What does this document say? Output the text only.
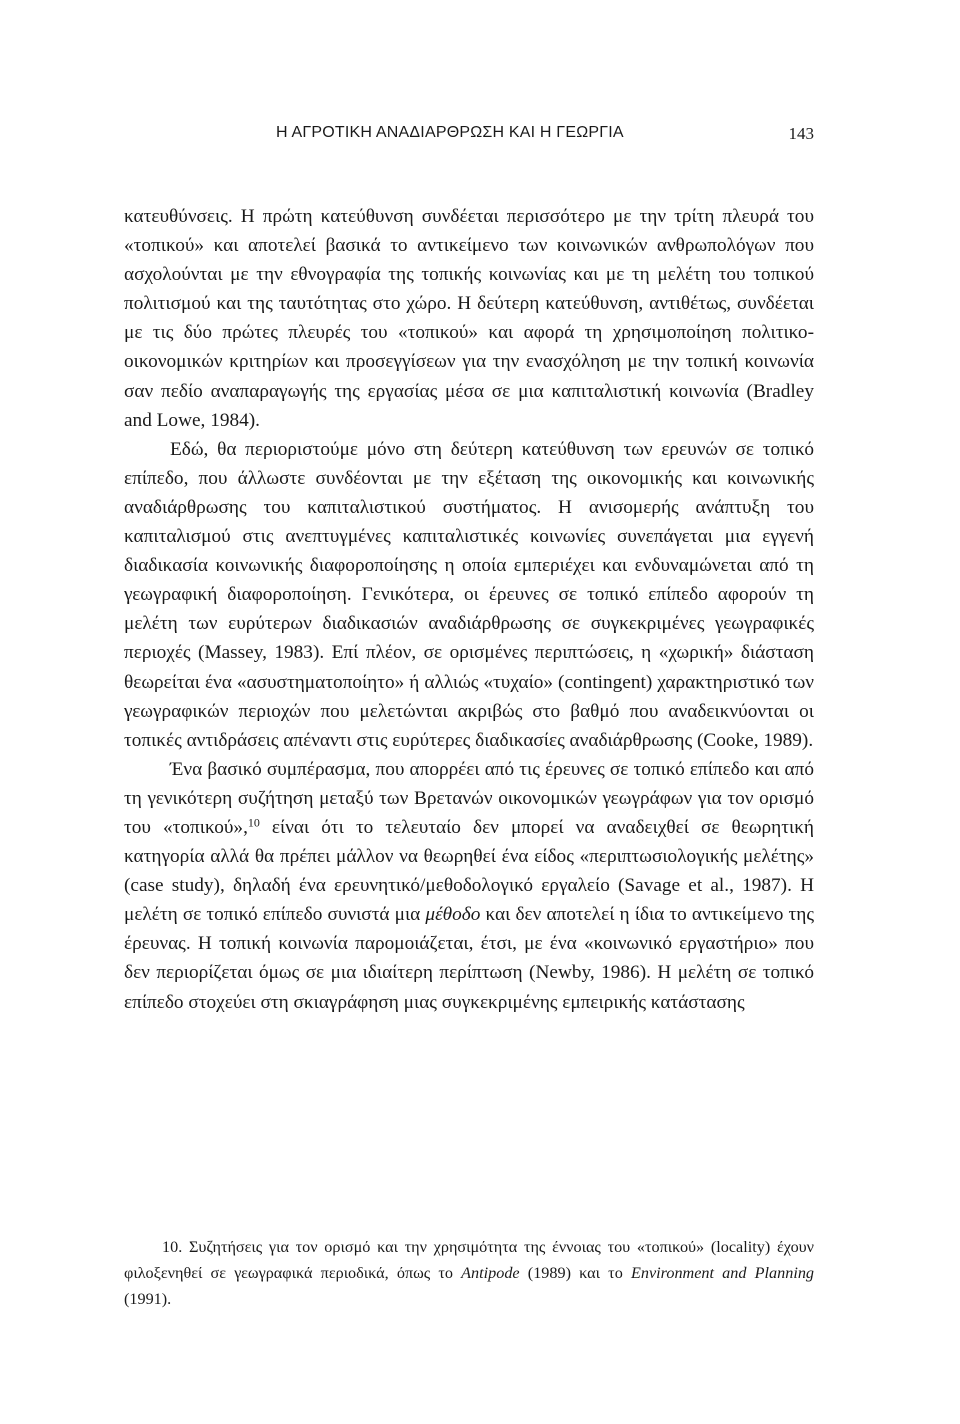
Η ΑΓΡΟΤΙΚΗ ΑΝΑΔΙΑΡΘΡΩΣΗ ΚΑΙ Η ΓΕΩΡΓΙΑ	143

κατευθύνσεις. Η πρώτη κατεύθυνση συνδέεται περισσότερο με την τρίτη πλευρά του «τοπικού» και αποτελεί βασικά το αντικείμενο των κοινωνικών ανθρωπολόγων που ασχολούνται με την εθνογραφία της τοπικής κοινωνίας και με τη μελέτη του τοπικού πολιτισμού και της ταυτότητας στο χώρο. Η δεύτερη κατεύθυνση, αντιθέτως, συνδέεται με τις δύο πρώτες πλευρές του «τοπικού» και αφορά τη χρησιμοποίηση πολιτικο-οικονομικών κριτηρίων και προσεγγίσεων για την ενασχόληση με την τοπική κοινωνία σαν πεδίο αναπαραγωγής της εργασίας μέσα σε μια καπιταλιστική κοινωνία (Bradley and Lowe, 1984).

Εδώ, θα περιοριστούμε μόνο στη δεύτερη κατεύθυνση των ερευνών σε τοπικό επίπεδο, που άλλωστε συνδέονται με την εξέταση της οικονομικής και κοινωνικής αναδιάρθρωσης του καπιταλιστικού συστήματος. Η ανισομερής ανάπτυξη του καπιταλισμού στις ανεπτυγμένες καπιταλιστικές κοινωνίες συνεπάγεται μια εγγενή διαδικασία κοινωνικής διαφοροποίησης η οποία εμπεριέχει και ενδυναμώνεται από τη γεωγραφική διαφοροποίηση. Γενικότερα, οι έρευνες σε τοπικό επίπεδο αφορούν τη μελέτη των ευρύτερων διαδικασιών αναδιάρθρωσης σε συγκεκριμένες γεωγραφικές περιοχές (Massey, 1983). Επί πλέον, σε ορισμένες περιπτώσεις, η «χωρική» διάσταση θεωρείται ένα «ασυστηματοποίητο» ή αλλιώς «τυχαίο» (contingent) χαρακτηριστικό των γεωγραφικών περιοχών που μελετώνται ακριβώς στο βαθμό που αναδεικνύονται οι τοπικές αντιδράσεις απέναντι στις ευρύτερες διαδικασίες αναδιάρθρωσης (Cooke, 1989).

Ένα βασικό συμπέρασμα, που απορρέει από τις έρευνες σε τοπικό επίπεδο και από τη γενικότερη συζήτηση μεταξύ των Βρετανών οικονομικών γεωγράφων για τον ορισμό του «τοπικού»,$^{10}$ είναι ότι το τελευταίο δεν μπορεί να αναδειχθεί σε θεωρητική κατηγορία αλλά θα πρέπει μάλλον να θεωρηθεί ένα είδος «περιπτωσιολογικής μελέτης» (case study), δηλαδή ένα ερευνητικό/μεθοδολογικό εργαλείο (Savage et al., 1987). Η μελέτη σε τοπικό επίπεδο συνιστά μια μέθοδο και δεν αποτελεί η ίδια το αντικείμενο της έρευνας. Η τοπική κοινωνία παρομοιάζεται, έτσι, με ένα «κοινωνικό εργαστήριο» που δεν περιορίζεται όμως σε μια ιδιαίτερη περίπτωση (Newby, 1986). Η μελέτη σε τοπικό επίπεδο στοχεύει στη σκιαγράφηση μιας συγκεκριμένης εμπειρικής κατάστασης

10. Συζητήσεις για τον ορισμό και την χρησιμότητα της έννοιας του «τοπικού» (locality) έχουν φιλοξενηθεί σε γεωγραφικά περιοδικά, όπως το Antipode (1989) και το Environment and Planning (1991).
